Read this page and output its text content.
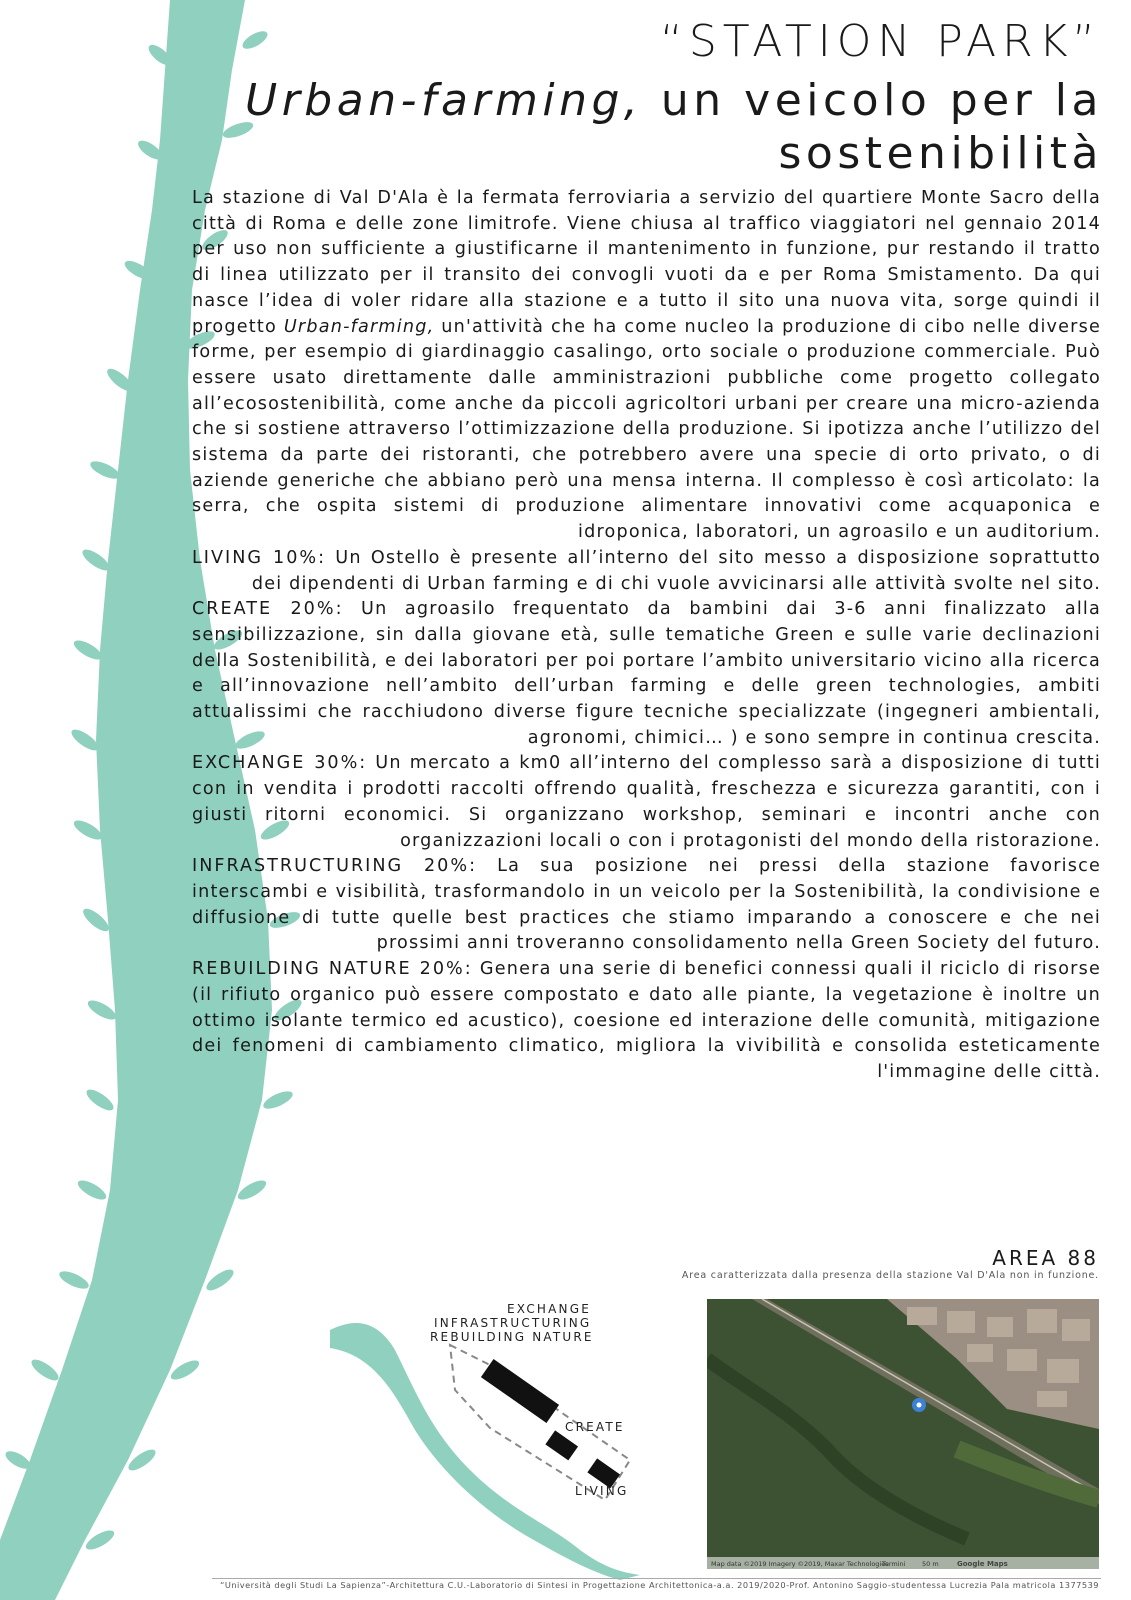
“STATION PARK”
Urban-farming, un veicolo per la sostenibilità

La stazione di Val D'Ala è la fermata ferroviaria a servizio del quartiere Monte Sacro della città di Roma e delle zone limitrofe. Viene chiusa al traffico viaggiatori nel gennaio 2014 per uso non sufficiente a giustificarne il mantenimento in funzione, pur restando il tratto di linea utilizzato per il transito dei convogli vuoti da e per Roma Smistamento. Da qui nasce l’idea di voler ridare alla stazione e a tutto il sito una nuova vita, sorge quindi il progetto Urban-farming, un'attività che ha come nucleo la produzione di cibo nelle diverse forme, per esempio di giardinaggio casalingo, orto sociale o produzione commerciale. Può essere usato direttamente dalle amministrazioni pubbliche come progetto collegato all’ecosostenibilità, come anche da piccoli agricoltori urbani per creare una micro-azienda che si sostiene attraverso l’ottimizzazione della produzione. Si ipotizza anche l’utilizzo del sistema da parte dei ristoranti, che potrebbero avere una specie di orto privato, o di aziende generiche che abbiano però una mensa interna. Il complesso è così articolato: la serra, che ospita sistemi di produzione alimentare innovativi come acquaponica e idroponica, laboratori, un agroasilo e un auditorium.

LIVING 10%: Un Ostello è presente all’interno del sito messo a disposizione soprattutto dei dipendenti di Urban farming e di chi vuole avvicinarsi alle attività svolte nel sito.

CREATE 20%: Un agroasilo frequentato da bambini dai 3-6 anni finalizzato alla sensibilizzazione, sin dalla giovane età, sulle tematiche Green e sulle varie declinazioni della Sostenibilità, e dei laboratori per poi portare l’ambito universitario vicino alla ricerca e all’innovazione nell’ambito dell’urban farming e delle green technologies, ambiti attualissimi che racchiudono diverse figure tecniche specializzate (ingegneri ambientali, agronomi, chimici… ) e sono sempre in continua crescita.

EXCHANGE 30%: Un mercato a km0 all’interno del complesso sarà a disposizione di tutti con in vendita i prodotti raccolti offrendo qualità, freschezza e sicurezza garantiti, con i giusti ritorni economici. Si organizzano workshop, seminari e incontri anche con organizzazioni locali o con i protagonisti del mondo della ristorazione.

INFRASTRUCTURING 20%: La sua posizione nei pressi della stazione favorisce interscambi e visibilità, trasformandolo in un veicolo per la Sostenibilità, la condivisione e diffusione di tutte quelle best practices che stiamo imparando a conoscere e che nei prossimi anni troveranno consolidamento nella Green Society del futuro.

REBUILDING NATURE 20%: Genera una serie di benefici connessi quali il riciclo di risorse (il rifiuto organico può essere compostato e dato alle piante, la vegetazione è inoltre un ottimo isolante termico ed acustico), coesione ed interazione delle comunità, mitigazione dei fenomeni di cambiamento climatico, migliora la vivibilità e consolida esteticamente l'immagine delle città.

AREA 88
Area caratterizzata dalla presenza della stazione Val D'Ala non in funzione.
EXCHANGE
INFRASTRUCTURING
REBUILDING NATURE
CREATE
LIVING
Map data ©2019 Imagery ©2019, Maxar Technologies
Termini	50 m	Google Maps
“Università degli Studi La Sapienza”-Architettura C.U.-Laboratorio di Sintesi in Progettazione Architettonica-a.a. 2019/2020-Prof. Antonino Saggio-studentessa Lucrezia Pala matricola 1377539
